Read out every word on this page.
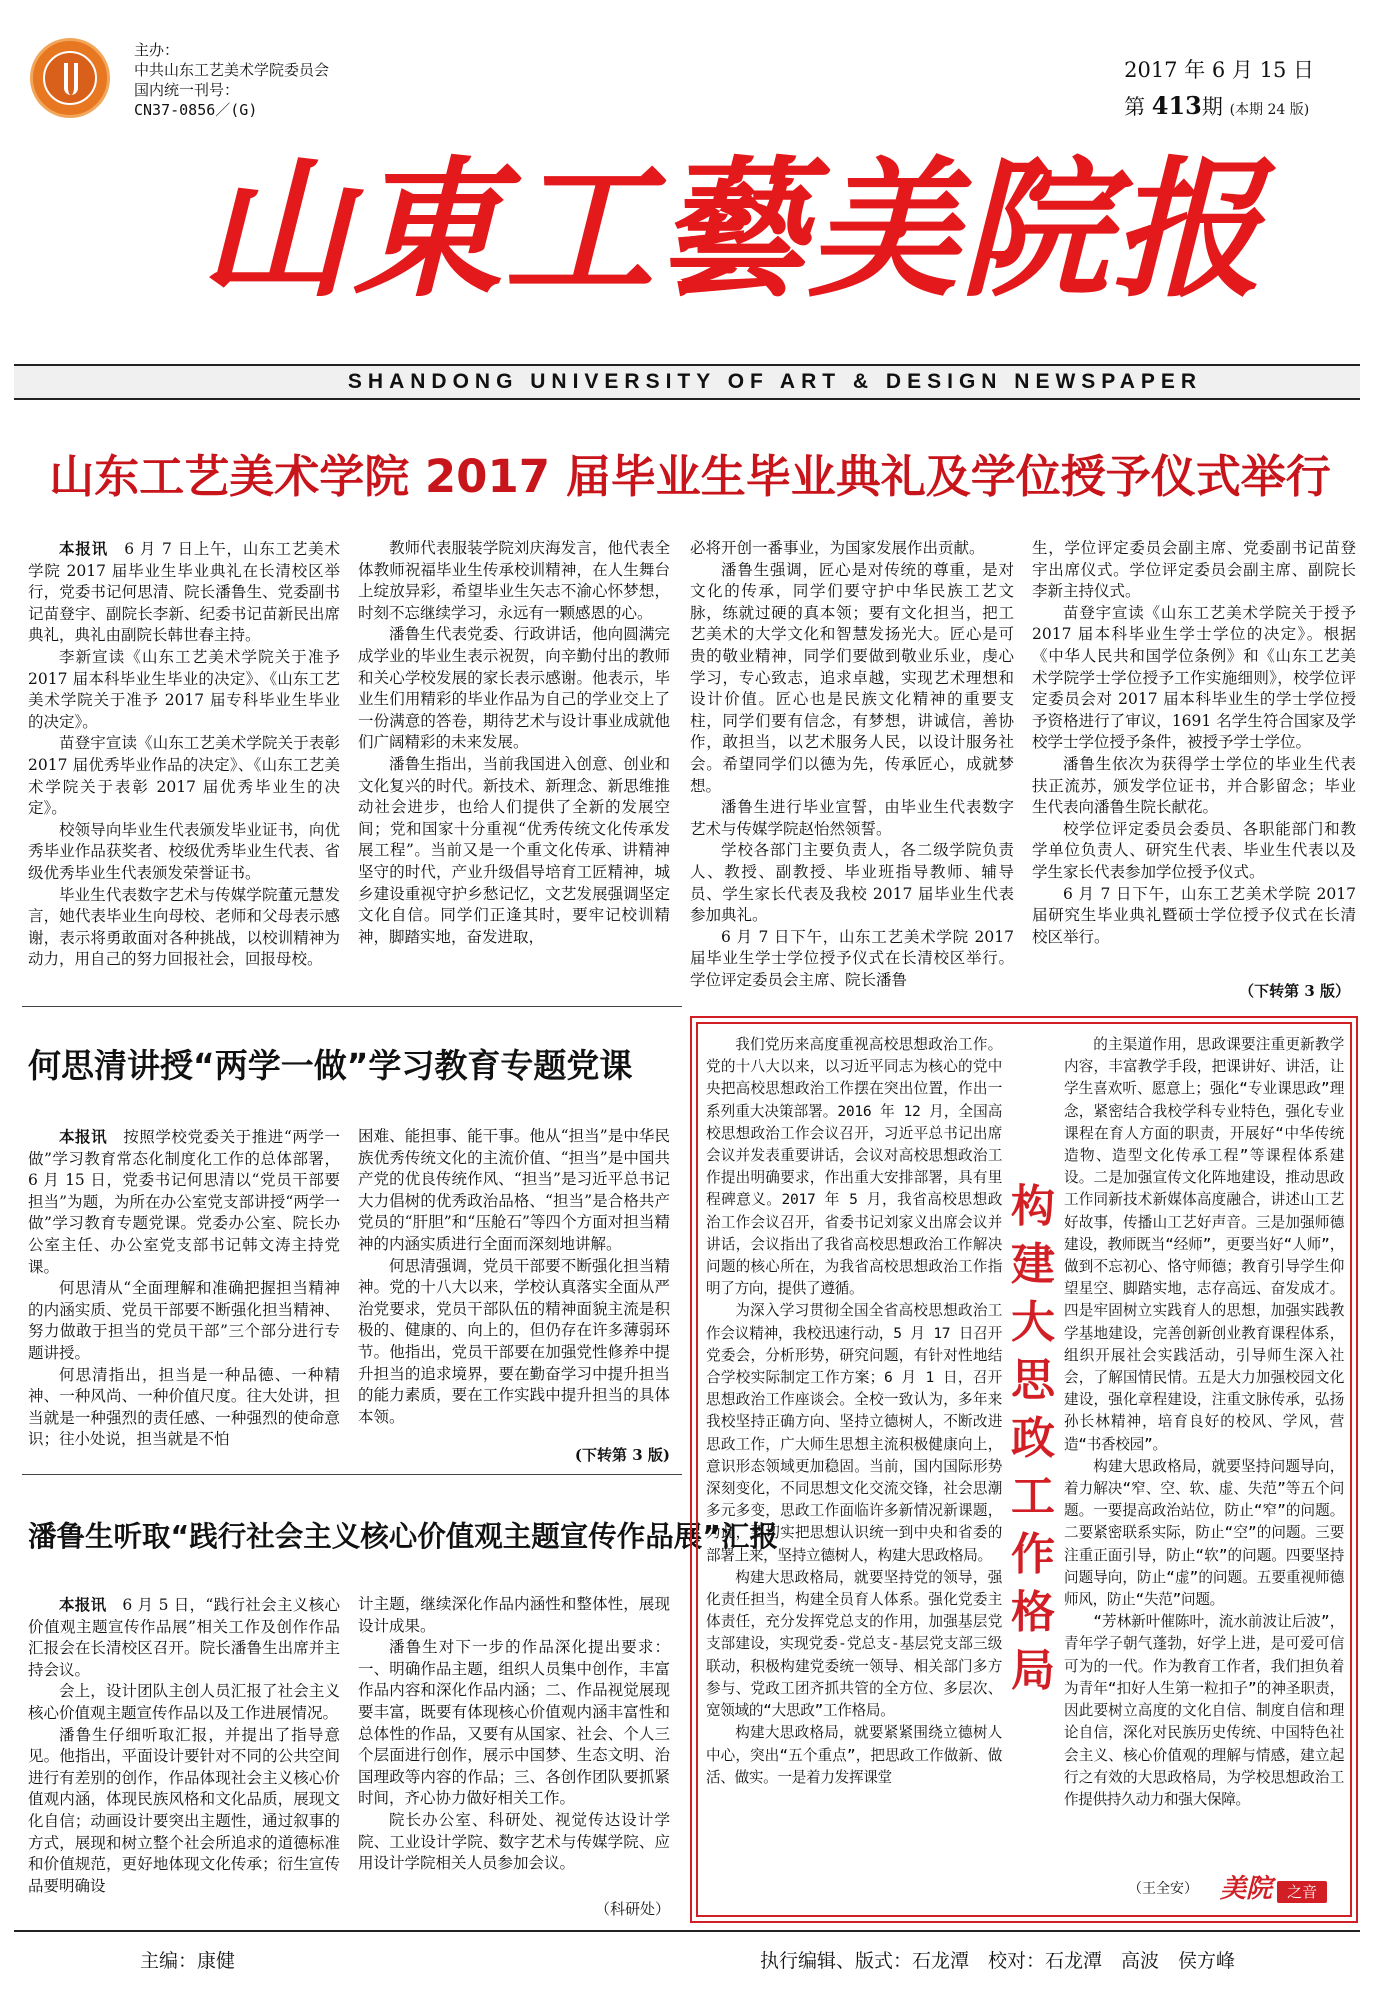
主办：
中共山东工艺美术学院委员会
国内统一刊号：
CN37-0856／(G)
2017 年 6 月 15 日
第 413期 (本期 24 版)
山東工藝美院报
SHANDONG UNIVERSITY OF ART & DESIGN NEWSPAPER
山东工艺美术学院 2017 届毕业生毕业典礼及学位授予仪式举行

本报讯　6 月 7 日上午，山东工艺美术学院 2017 届毕业生毕业典礼在长清校区举行，党委书记何思清、院长潘鲁生、党委副书记苗登宇、副院长李新、纪委书记苗新民出席典礼，典礼由副院长韩世春主持。

李新宣读《山东工艺美术学院关于准予 2017 届本科毕业生毕业的决定》、《山东工艺美术学院关于准予 2017 届专科毕业生毕业的决定》。

苗登宇宣读《山东工艺美术学院关于表彰 2017 届优秀毕业作品的决定》、《山东工艺美术学院关于表彰 2017 届优秀毕业生的决定》。

校领导向毕业生代表颁发毕业证书，向优秀毕业作品获奖者、校级优秀毕业生代表、省级优秀毕业生代表颁发荣誉证书。

毕业生代表数字艺术与传媒学院董元慧发言，她代表毕业生向母校、老师和父母表示感谢，表示将勇敢面对各种挑战，以校训精神为动力，用自己的努力回报社会，回报母校。

教师代表服装学院刘庆海发言，他代表全体教师祝福毕业生传承校训精神，在人生舞台上绽放异彩，希望毕业生矢志不渝心怀梦想，时刻不忘继续学习，永远有一颗感恩的心。

潘鲁生代表党委、行政讲话，他向圆满完成学业的毕业生表示祝贺，向辛勤付出的教师和关心学校发展的家长表示感谢。他表示，毕业生们用精彩的毕业作品为自己的学业交上了一份满意的答卷，期待艺术与设计事业成就他们广阔精彩的未来发展。

潘鲁生指出，当前我国进入创意、创业和文化复兴的时代。新技术、新理念、新思维推动社会进步，也给人们提供了全新的发展空间；党和国家十分重视“优秀传统文化传承发展工程”。当前又是一个重文化传承、讲精神坚守的时代，产业升级倡导培育工匠精神，城乡建设重视守护乡愁记忆，文艺发展强调坚定文化自信。同学们正逢其时，要牢记校训精神，脚踏实地，奋发进取，

必将开创一番事业，为国家发展作出贡献。

潘鲁生强调，匠心是对传统的尊重，是对文化的传承，同学们要守护中华民族工艺文脉，练就过硬的真本领；要有文化担当，把工艺美术的大学文化和智慧发扬光大。匠心是可贵的敬业精神，同学们要做到敬业乐业，虔心学习，专心致志，追求卓越，实现艺术理想和设计价值。匠心也是民族文化精神的重要支柱，同学们要有信念，有梦想，讲诚信，善协作，敢担当，以艺术服务人民，以设计服务社会。希望同学们以德为先，传承匠心，成就梦想。

潘鲁生进行毕业宣誓，由毕业生代表数字艺术与传媒学院赵怡然领誓。

学校各部门主要负责人，各二级学院负责人、教授、副教授、毕业班指导教师、辅导员、学生家长代表及我校 2017 届毕业生代表参加典礼。

6 月 7 日下午，山东工艺美术学院 2017 届毕业生学士学位授予仪式在长清校区举行。学位评定委员会主席、院长潘鲁

生，学位评定委员会副主席、党委副书记苗登宇出席仪式。学位评定委员会副主席、副院长李新主持仪式。

苗登宇宣读《山东工艺美术学院关于授予 2017 届本科毕业生学士学位的决定》。根据《中华人民共和国学位条例》和《山东工艺美术学院学士学位授予工作实施细则》，校学位评定委员会对 2017 届本科毕业生的学士学位授予资格进行了审议，1691 名学生符合国家及学校学士学位授予条件，被授予学士学位。

潘鲁生依次为获得学士学位的毕业生代表扶正流苏，颁发学位证书，并合影留念；毕业生代表向潘鲁生院长献花。

校学位评定委员会委员、各职能部门和教学单位负责人、研究生代表、毕业生代表以及学生家长代表参加学位授予仪式。

6 月 7 日下午，山东工艺美术学院 2017 届研究生毕业典礼暨硕士学位授予仪式在长清校区举行。

（下转第 3 版）
何思清讲授“两学一做”学习教育专题党课

本报讯　按照学校党委关于推进“两学一做”学习教育常态化制度化工作的总体部署，6 月 15 日，党委书记何思清以“党员干部要担当”为题，为所在办公室党支部讲授“两学一做”学习教育专题党课。党委办公室、院长办公室主任、办公室党支部书记韩文涛主持党课。

何思清从“全面理解和准确把握担当精神的内涵实质、党员干部要不断强化担当精神、努力做敢于担当的党员干部”三个部分进行专题讲授。

何思清指出，担当是一种品德、一种精神、一种风尚、一种价值尺度。往大处讲，担当就是一种强烈的责任感、一种强烈的使命意识；往小处说，担当就是不怕

困难、能担事、能干事。他从“担当”是中华民族优秀传统文化的主流价值、“担当”是中国共产党的优良传统作风、“担当”是习近平总书记大力倡树的优秀政治品格、“担当”是合格共产党员的“肝胆”和“压舱石”等四个方面对担当精神的内涵实质进行全面而深刻地讲解。

何思清强调，党员干部要不断强化担当精神。党的十八大以来，学校认真落实全面从严治党要求，党员干部队伍的精神面貌主流是积极的、健康的、向上的，但仍存在许多薄弱环节。他指出，党员干部要在加强党性修养中提升担当的追求境界，要在勤奋学习中提升担当的能力素质，要在工作实践中提升担当的具体本领。

(下转第 3 版)
潘鲁生听取“践行社会主义核心价值观主题宣传作品展”汇报

本报讯　6 月 5 日，“践行社会主义核心价值观主题宣传作品展”相关工作及创作作品汇报会在长清校区召开。院长潘鲁生出席并主持会议。

会上，设计团队主创人员汇报了社会主义核心价值观主题宣传作品以及工作进展情况。

潘鲁生仔细听取汇报，并提出了指导意见。他指出，平面设计要针对不同的公共空间进行有差别的创作，作品体现社会主义核心价值观内涵，体现民族风格和文化品质，展现文化自信；动画设计要突出主题性，通过叙事的方式，展现和树立整个社会所追求的道德标准和价值规范，更好地体现文化传承；衍生宣传品要明确设

计主题，继续深化作品内涵性和整体性，展现设计成果。

潘鲁生对下一步的作品深化提出要求：一、明确作品主题，组织人员集中创作，丰富作品内容和深化作品内涵；二、作品视觉展现要丰富，既要有体现核心价值观内涵丰富性和总体性的作品，又要有从国家、社会、个人三个层面进行创作，展示中国梦、生态文明、治国理政等内容的作品；三、各创作团队要抓紧时间，齐心协力做好相关工作。

院长办公室、科研处、视觉传达设计学院、工业设计学院、数字艺术与传媒学院、应用设计学院相关人员参加会议。

（科研处）

我们党历来高度重视高校思想政治工作。党的十八大以来，以习近平同志为核心的党中央把高校思想政治工作摆在突出位置，作出一系列重大决策部署。2016 年 12 月，全国高校思想政治工作会议召开，习近平总书记出席会议并发表重要讲话，会议对高校思想政治工作提出明确要求，作出重大安排部署，具有里程碑意义。2017 年 5 月，我省高校思想政治工作会议召开，省委书记刘家义出席会议并讲话，会议指出了我省高校思想政治工作解决问题的核心所在，为我省高校思想政治工作指明了方向，提供了遵循。

为深入学习贯彻全国全省高校思想政治工作会议精神，我校迅速行动，5 月 17 日召开党委会，分析形势，研究问题，有针对性地结合学校实际制定工作方案；6 月 1 日，召开思想政治工作座谈会。全校一致认为，多年来我校坚持正确方向、坚持立德树人，不断改进思政工作，广大师生思想主流积极健康向上，意识形态领域更加稳固。当前，国内国际形势深刻变化，不同思想文化交流交锋，社会思潮多元多变，思政工作面临许多新情况新课题，为此，要切实把思想认识统一到中央和省委的部署上来，坚持立德树人，构建大思政格局。

构建大思政格局，就要坚持党的领导，强化责任担当，构建全员育人体系。强化党委主体责任，充分发挥党总支的作用，加强基层党支部建设，实现党委-党总支-基层党支部三级联动，积极构建党委统一领导、相关部门多方参与、党政工团齐抓共管的全方位、多层次、宽领域的“大思政”工作格局。

构建大思政格局，就要紧紧围绕立德树人中心，突出“五个重点”，把思政工作做新、做活、做实。一是着力发挥课堂

构
建
大
思
政
工
作
格
局

的主渠道作用，思政课要注重更新教学内容，丰富教学手段，把课讲好、讲活，让学生喜欢听、愿意上；强化“专业课思政”理念，紧密结合我校学科专业特色，强化专业课程在育人方面的职责，开展好“中华传统造物、造型文化传承工程”等课程体系建设。二是加强宣传文化阵地建设，推动思政工作同新技术新媒体高度融合，讲述山工艺好故事，传播山工艺好声音。三是加强师德建设，教师既当“经师”，更要当好“人师”，做到不忘初心、恪守师德；教育引导学生仰望星空、脚踏实地，志存高远、奋发成才。四是牢固树立实践育人的思想，加强实践教学基地建设，完善创新创业教育课程体系，组织开展社会实践活动，引导师生深入社会，了解国情民情。五是大力加强校园文化建设，强化章程建设，注重文脉传承，弘扬孙长林精神，培育良好的校风、学风，营造“书香校园”。

构建大思政格局，就要坚持问题导向，着力解决“窄、空、软、虚、失范”等五个问题。一要提高政治站位，防止“窄”的问题。二要紧密联系实际，防止“空”的问题。三要注重正面引导，防止“软”的问题。四要坚持问题导向，防止“虚”的问题。五要重视师德师风，防止“失范”问题。

“芳林新叶催陈叶，流水前波让后波”，青年学子朝气蓬勃，好学上进，是可爱可信可为的一代。作为教育工作者，我们担负着为青年“扣好人生第一粒扣子”的神圣职责，因此要树立高度的文化自信、制度自信和理论自信，深化对民族历史传统、中国特色社会主义、核心价值观的理解与情感，建立起行之有效的大思政格局，为学校思想政治工作提供持久动力和强大保障。

（王全安） 美院 之音
主编：康健	执行编辑、版式：石龙潭　校对：石龙潭　高波　侯方峰
